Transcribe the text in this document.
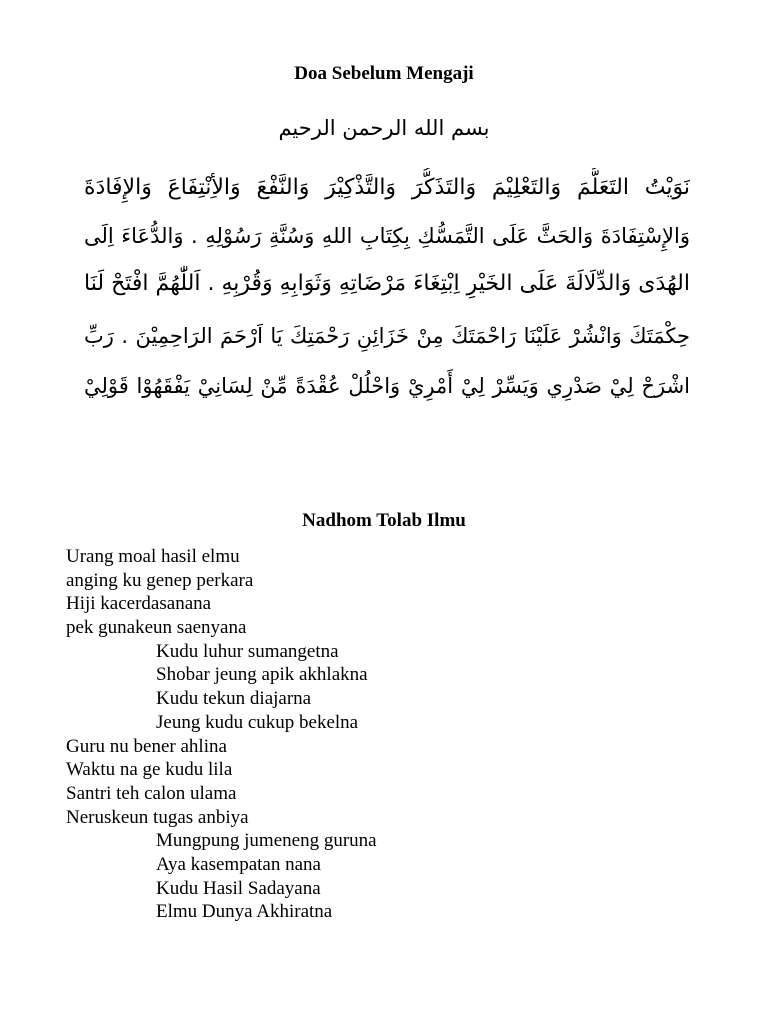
Doa Sebelum Mengaji
بسم الله الرحمن الرحيم
نَوَيْتُ التَعَلُّمَ وَالتَعْلِيْمَ وَالتَذَكُّرَ وَالتَّذْكِيْرَ وَالنَّفْعَ وَالأِنْتِفَاعَ وَالإِفَادَةَ
وَالإِسْتِفَادَةَ وَالحَثَّ عَلَى التَّمَسُّكِ بِكِتَابِ اللهِ وَسُنَّةِ رَسُوْلِهِ . وَالدُّعَاءَ اِلَى
الهُدَى وَالدِّلَالَةَ عَلَى الخَيْرِ اِبْتِغَاءَ مَرْضَاتِهِ وَثَوَابِهِ وَقُرْبِهِ . اَللّٰهُمَّ افْتَحْ لَنَا
حِكْمَتَكَ وَانْشُرْ عَلَيْنَا رَاحْمَتَكَ مِنْ خَزَائِنِ رَحْمَتِكَ يَا اَرْحَمَ الرَاحِمِيْنَ . رَبِّ
اشْرَحْ لِيْ صَدْرِي وَيَسِّرْ لِيْ أَمْرِيْ وَاحْلُلْ عُقْدَةً مِّنْ لِسَانِيْ يَفْقَهُوْا قَوْلِيْ
Nadhom Tolab Ilmu
Urang moal hasil elmu
anging ku genep perkara
Hiji kacerdasanana
pek gunakeun saenyana
Kudu luhur sumangetna
Shobar jeung apik akhlakna
Kudu tekun diajarna
Jeung kudu cukup bekelna
Guru nu bener ahlina
Waktu na ge kudu lila
Santri teh calon ulama
Neruskeun tugas anbiya
Mungpung jumeneng guruna
Aya kasempatan nana
Kudu Hasil Sadayana
Elmu Dunya Akhiratna
